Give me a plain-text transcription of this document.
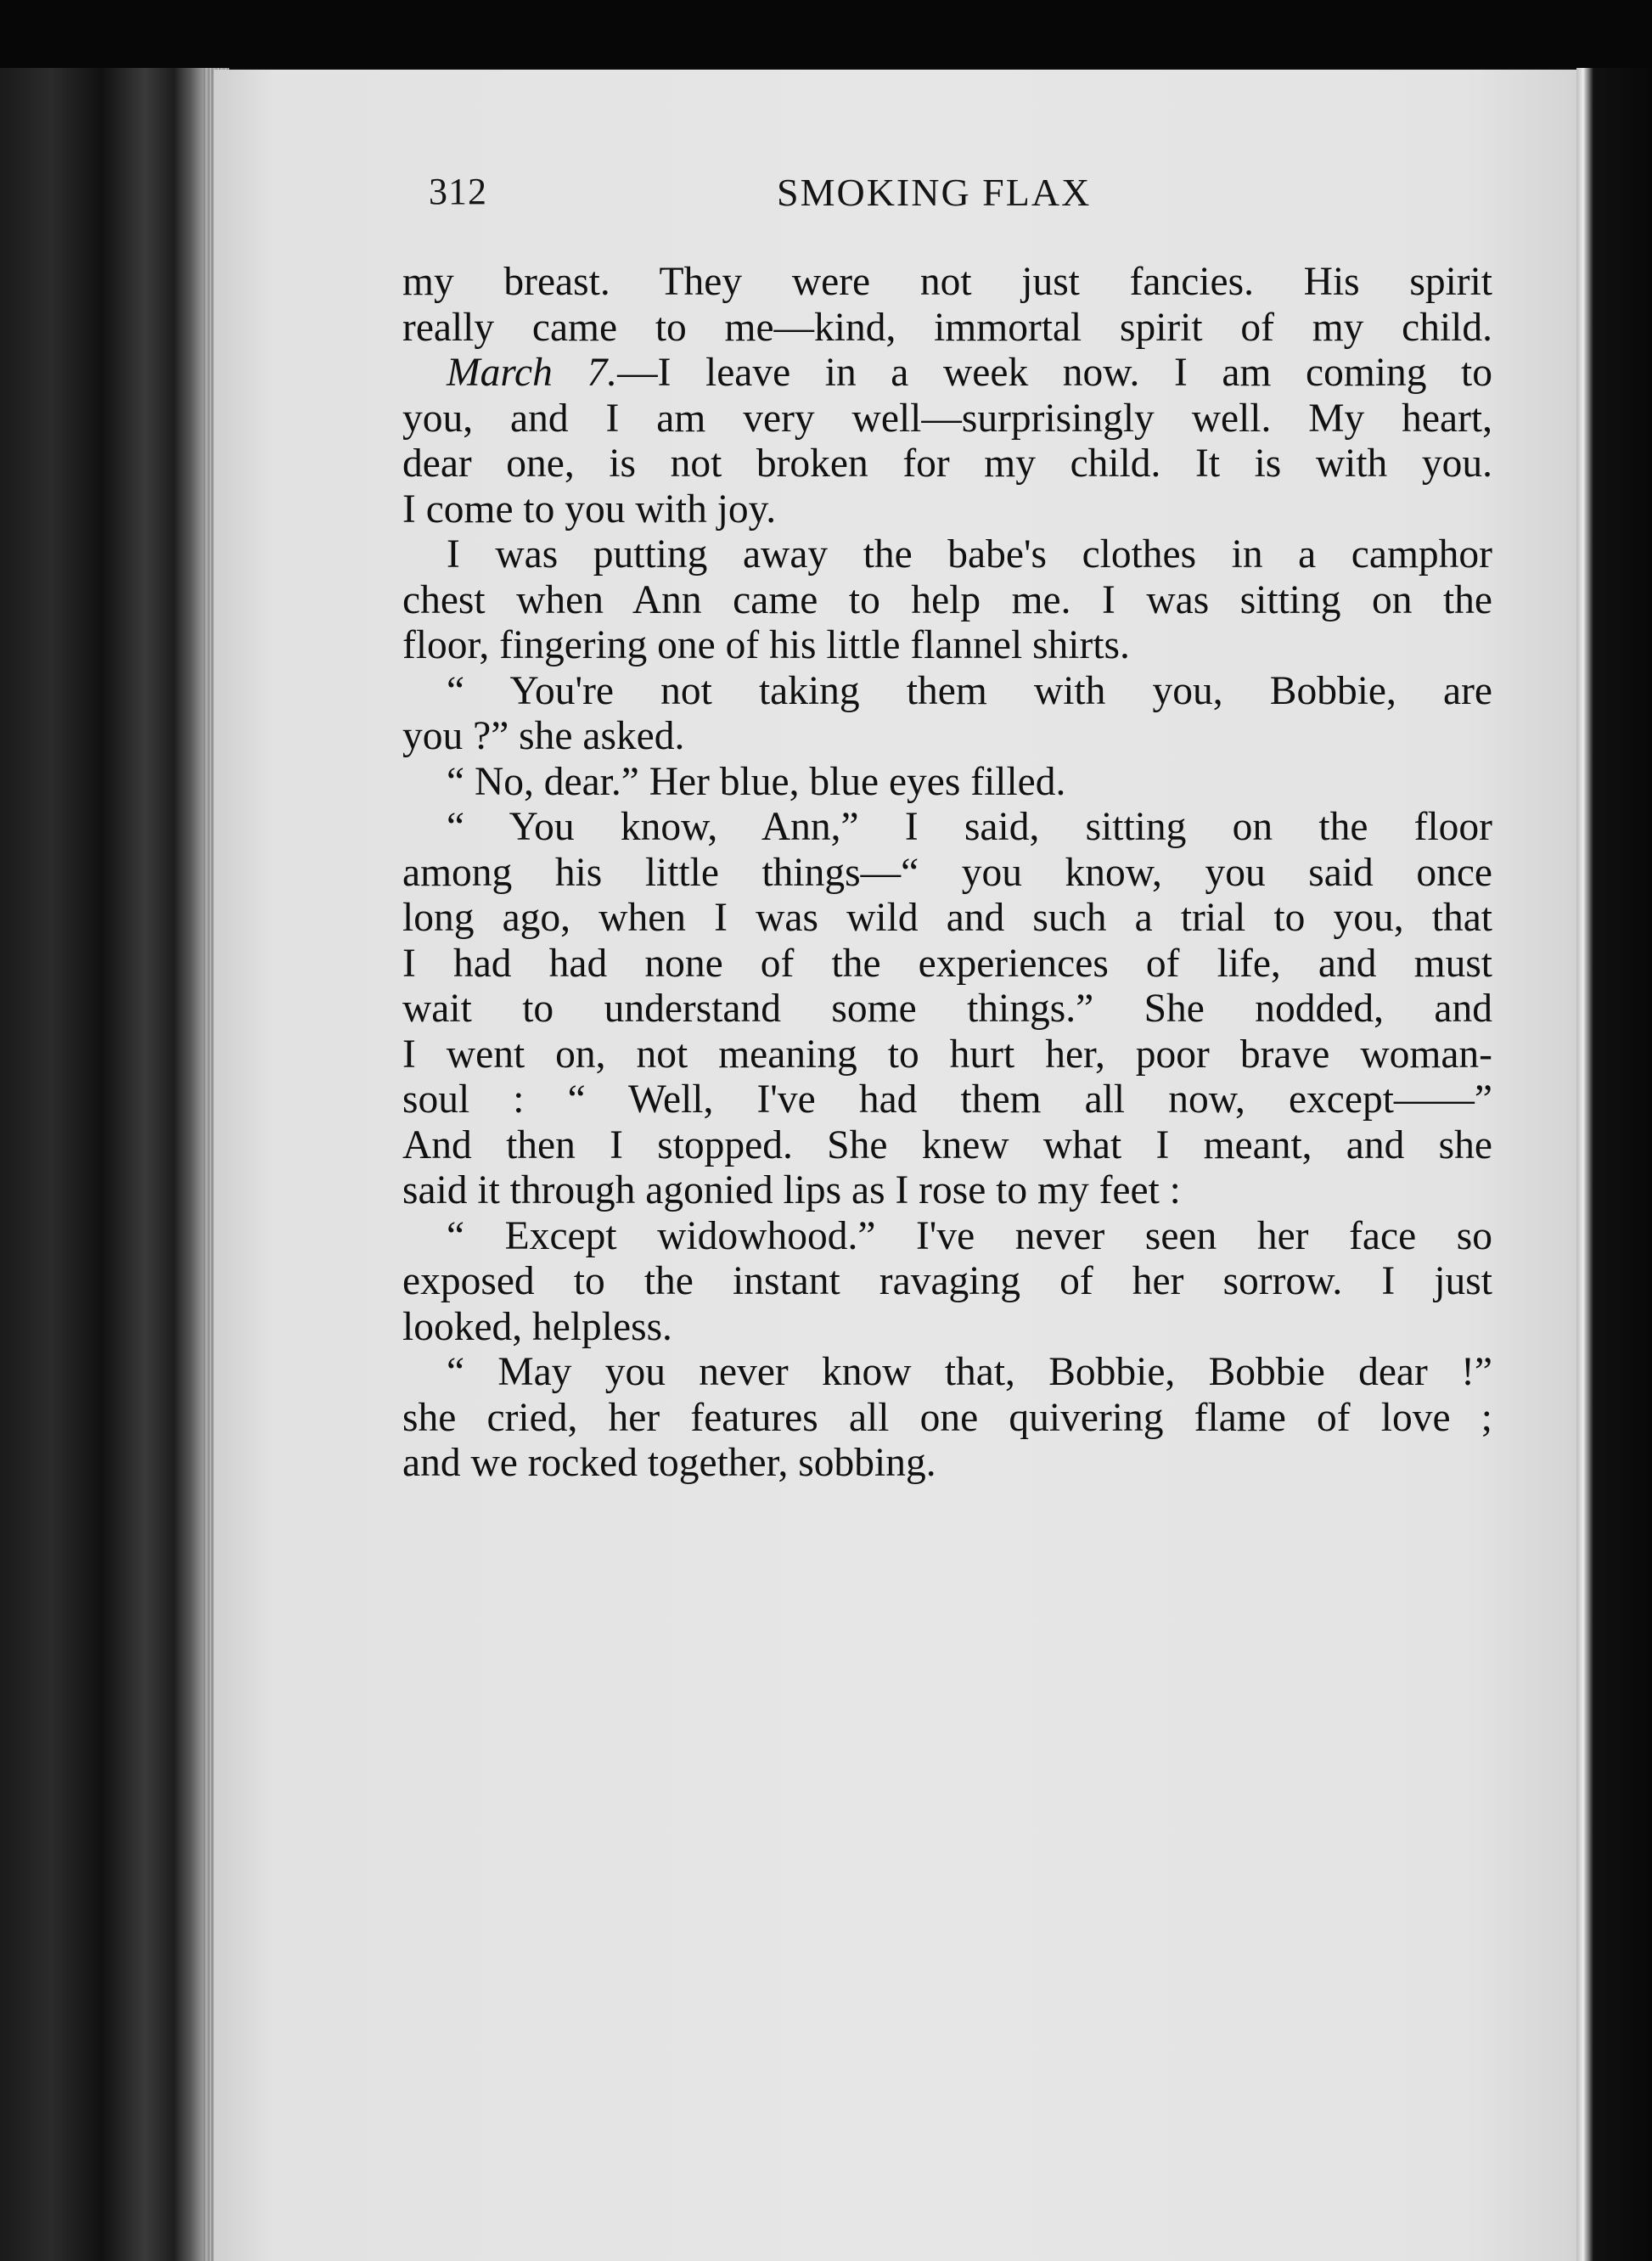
312	SMOKING FLAX
my breast. They were not just fancies. His spirit
really came to me—kind, immortal spirit of my child.
March 7.—I leave in a week now. I am coming to
you, and I am very well—surprisingly well. My heart,
dear one, is not broken for my child. It is with you.
I come to you with joy.
I was putting away the babe's clothes in a camphor
chest when Ann came to help me. I was sitting on the
floor, fingering one of his little flannel shirts.
“ You're not taking them with you, Bobbie, are
you ?” she asked.
“ No, dear.” Her blue, blue eyes filled.
“ You know, Ann,” I said, sitting on the floor
among his little things—“ you know, you said once
long ago, when I was wild and such a trial to you, that
I had had none of the experiences of life, and must
wait to understand some things.” She nodded, and
I went on, not meaning to hurt her, poor brave woman-
soul : “ Well, I've had them all now, except——”
And then I stopped. She knew what I meant, and she
said it through agonied lips as I rose to my feet :
“ Except widowhood.” I've never seen her face so
exposed to the instant ravaging of her sorrow. I just
looked, helpless.
“ May you never know that, Bobbie, Bobbie dear !”
she cried, her features all one quivering flame of love ;
and we rocked together, sobbing.
